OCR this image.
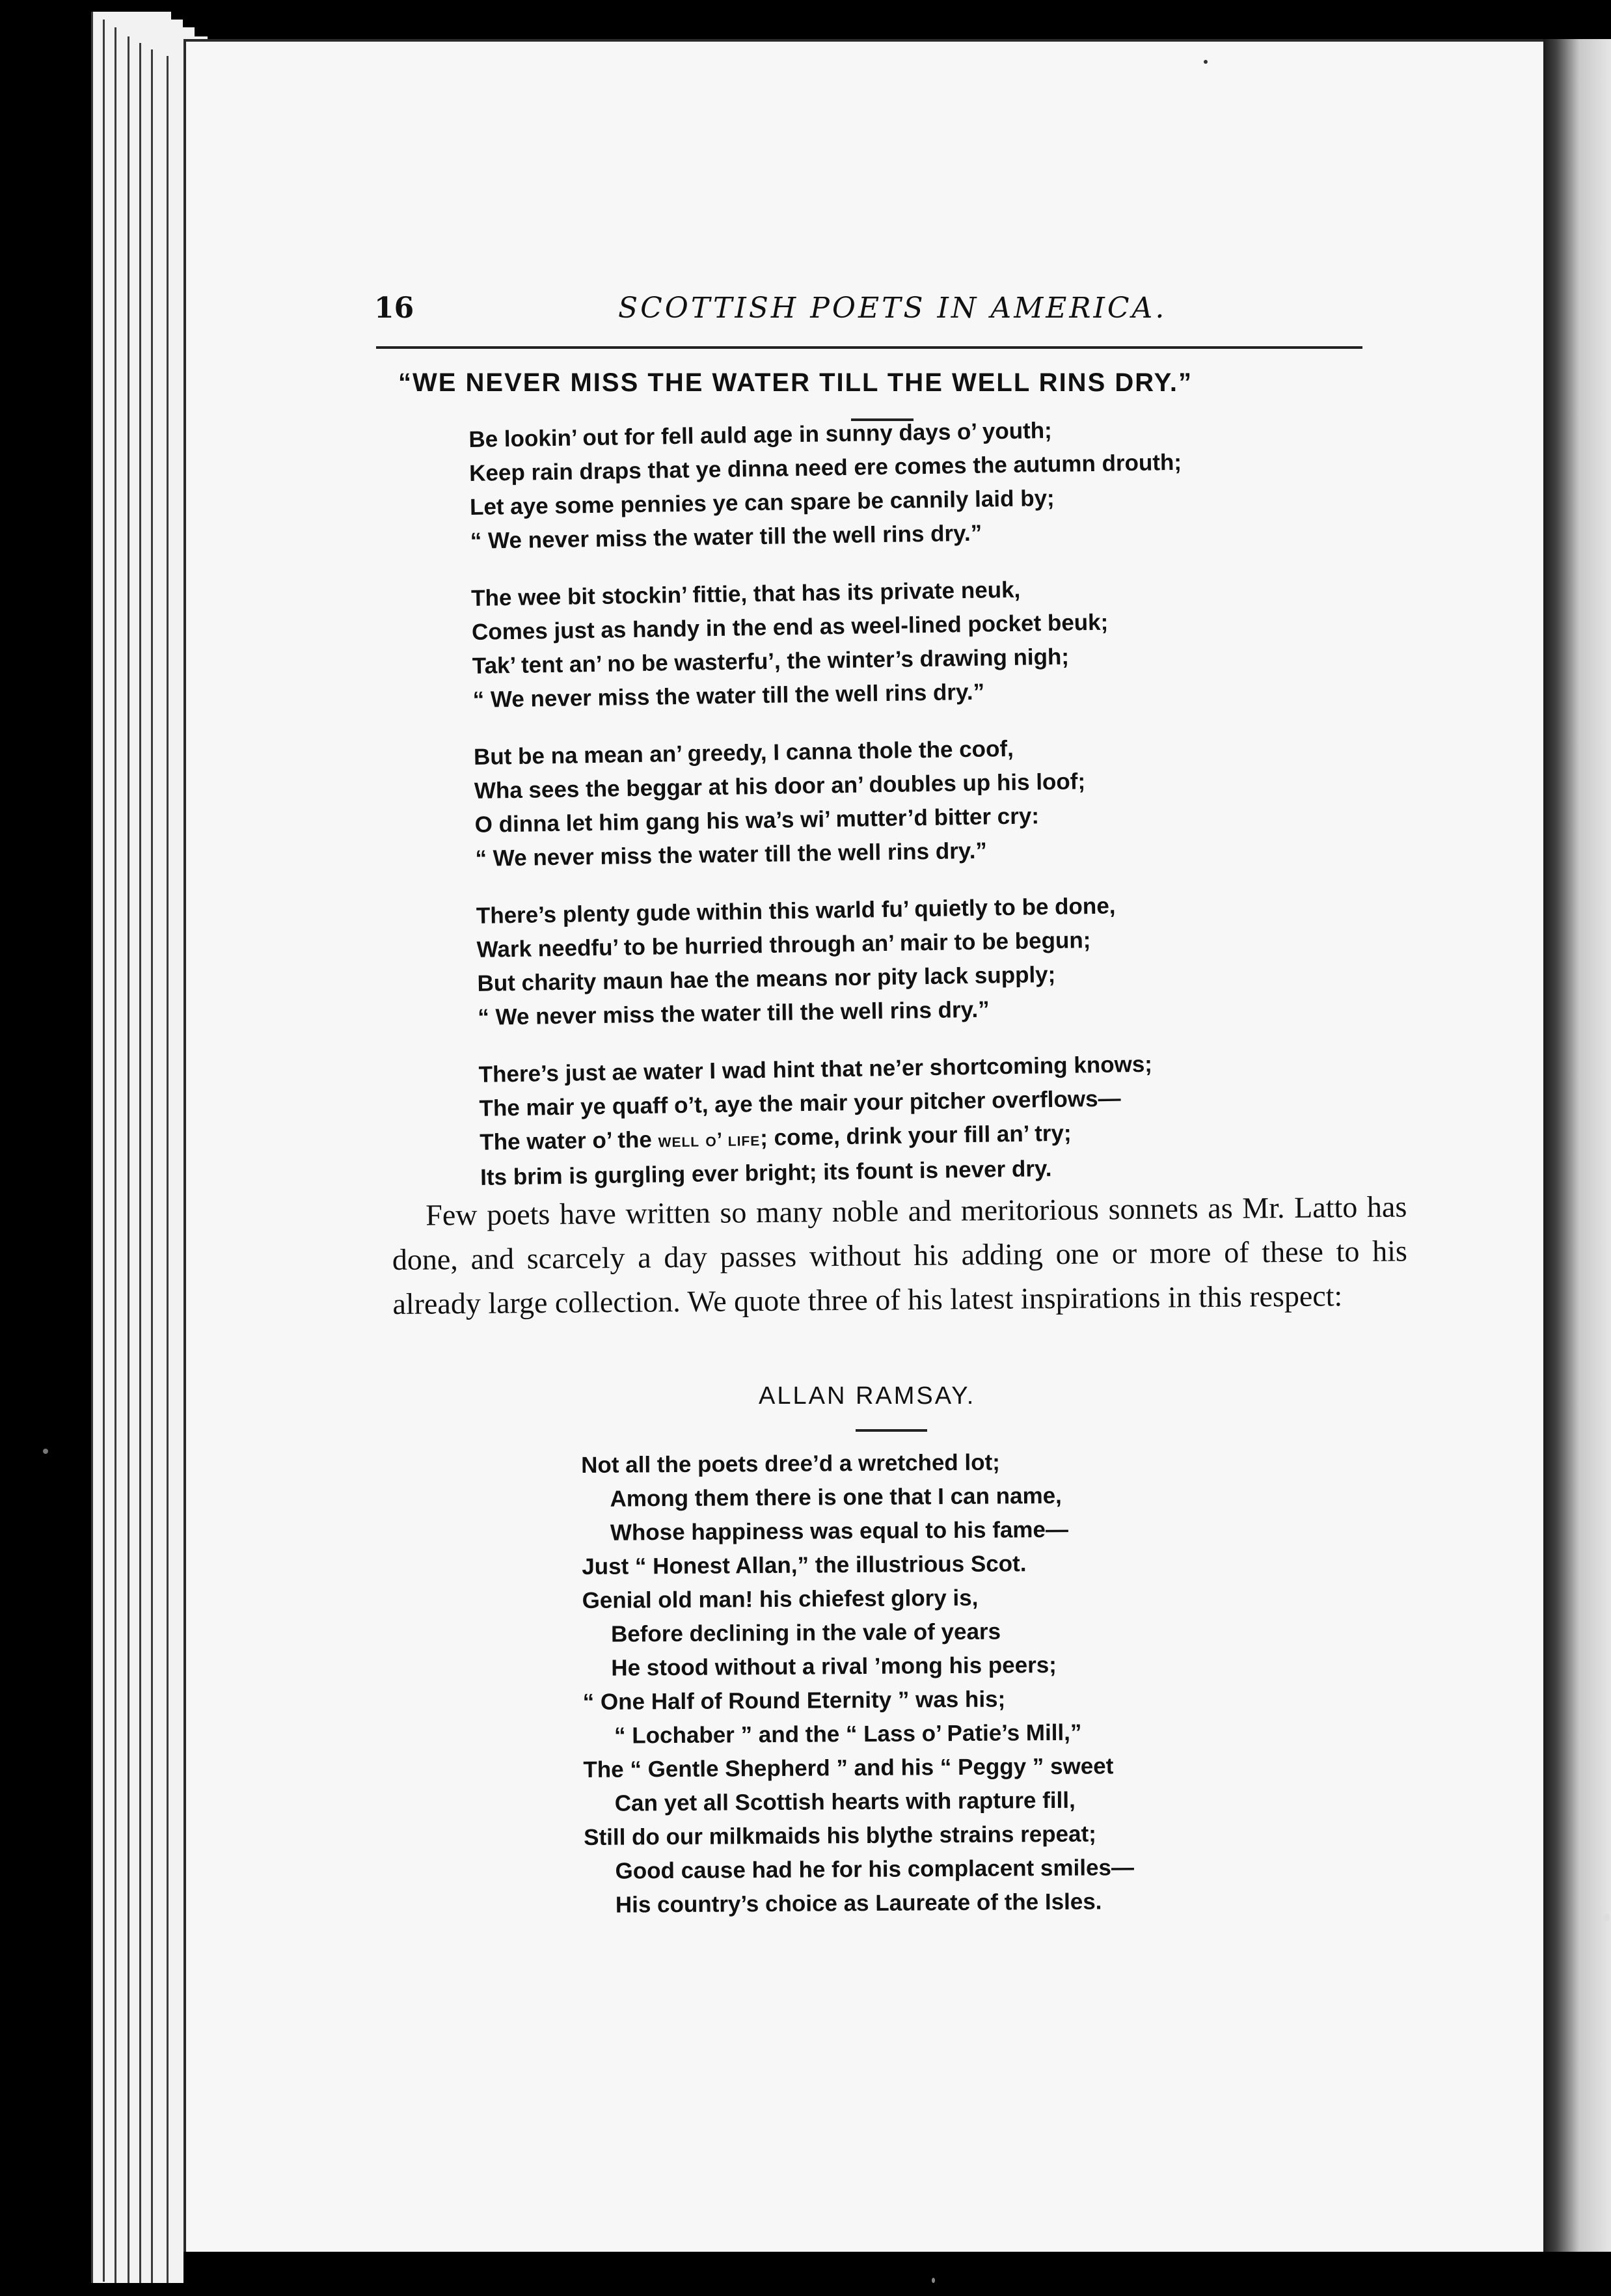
16	SCOTTISH POETS IN AMERICA.
“WE NEVER MISS THE WATER TILL THE WELL RINS DRY.”
Be lookin’ out for fell auld age in sunny days o’ youth;
Keep rain draps that ye dinna need ere comes the autumn drouth;
Let aye some pennies ye can spare be cannily laid by;
“ We never miss the water till the well rins dry.”
The wee bit stockin’ fittie, that has its private neuk,
Comes just as handy in the end as weel-lined pocket beuk;
Tak’ tent an’ no be wasterfu’, the winter’s drawing nigh;
“ We never miss the water till the well rins dry.”
But be na mean an’ greedy, I canna thole the coof,
Wha sees the beggar at his door an’ doubles up his loof;
O dinna let him gang his wa’s wi’ mutter’d bitter cry:
“ We never miss the water till the well rins dry.”
There’s plenty gude within this warld fu’ quietly to be done,
Wark needfu’ to be hurried through an’ mair to be begun;
But charity maun hae the means nor pity lack supply;
“ We never miss the water till the well rins dry.”
There’s just ae water I wad hint that ne’er shortcoming knows;
The mair ye quaff o’t, aye the mair your pitcher overflows—
The water o’ the well o’ life; come, drink your fill an’ try;
Its brim is gurgling ever bright; its fount is never dry.
Few poets have written so many noble and meritorious sonnets as Mr. Latto has done, and scarcely a day passes without his adding one or more of these to his already large collection. We quote three of his latest inspirations in this respect:
ALLAN RAMSAY.
Not all the poets dree’d a wretched lot;
Among them there is one that I can name,
Whose happiness was equal to his fame—
Just “ Honest Allan,” the illustrious Scot.
Genial old man! his chiefest glory is,
Before declining in the vale of years
He stood without a rival ’mong his peers;
“ One Half of Round Eternity ” was his;
“ Lochaber ” and the “ Lass o’ Patie’s Mill,”
The “ Gentle Shepherd ” and his “ Peggy ” sweet
Can yet all Scottish hearts with rapture fill,
Still do our milkmaids his blythe strains repeat;
Good cause had he for his complacent smiles—
His country’s choice as Laureate of the Isles.
